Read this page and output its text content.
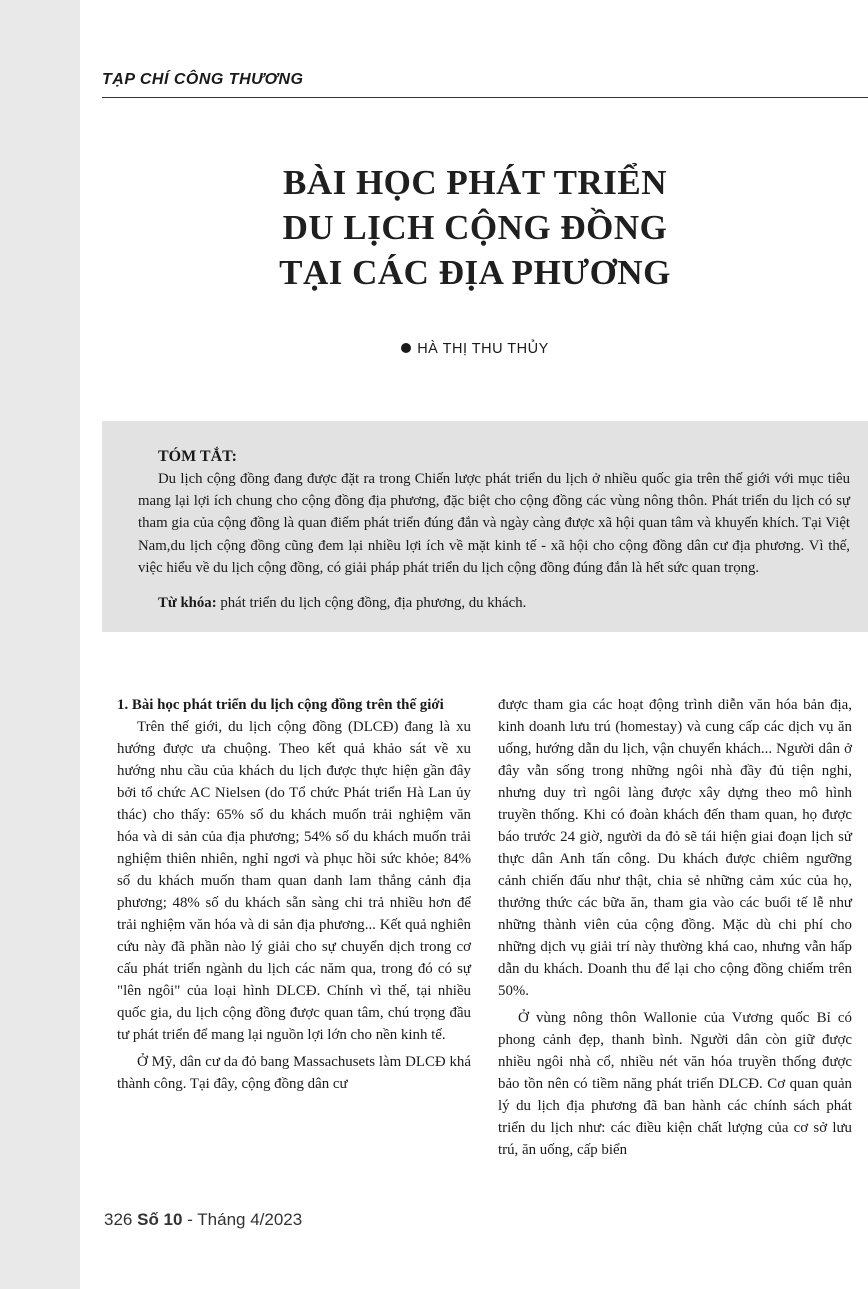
TẠP CHÍ CÔNG THƯƠNG
BÀI HỌC PHÁT TRIỂN
DU LỊCH CỘNG ĐỒNG
TẠI CÁC ĐỊA PHƯƠNG
HÀ THỊ THU THỦY
TÓM TẮT:

Du lịch cộng đồng đang được đặt ra trong Chiến lược phát triển du lịch ở nhiều quốc gia trên thế giới với mục tiêu mang lại lợi ích chung cho cộng đồng địa phương, đặc biệt cho cộng đồng các vùng nông thôn. Phát triển du lịch có sự tham gia của cộng đồng là quan điểm phát triển đúng đắn và ngày càng được xã hội quan tâm và khuyến khích. Tại Việt Nam,du lịch cộng đồng cũng đem lại nhiều lợi ích về mặt kinh tế - xã hội cho cộng đồng dân cư địa phương. Vì thế, việc hiểu về du lịch cộng đồng, có giải pháp phát triển du lịch cộng đồng đúng đắn là hết sức quan trọng.

Từ khóa: phát triển du lịch cộng đồng, địa phương, du khách.

1. Bài học phát triển du lịch cộng đồng trên thế giới

Trên thế giới, du lịch cộng đồng (DLCĐ) đang là xu hướng được ưa chuộng. Theo kết quả khảo sát về xu hướng nhu cầu của khách du lịch được thực hiện gần đây bởi tổ chức AC Nielsen (do Tổ chức Phát triển Hà Lan ủy thác) cho thấy: 65% số du khách muốn trải nghiệm văn hóa và di sản của địa phương; 54% số du khách muốn trải nghiệm thiên nhiên, nghỉ ngơi và phục hồi sức khỏe; 84% số du khách muốn tham quan danh lam thắng cảnh địa phương; 48% số du khách sẵn sàng chi trả nhiều hơn để trải nghiệm văn hóa và di sản địa phương... Kết quả nghiên cứu này đã phần nào lý giải cho sự chuyển dịch trong cơ cấu phát triển ngành du lịch các năm qua, trong đó có sự "lên ngôi" của loại hình DLCĐ. Chính vì thế, tại nhiều quốc gia, du lịch cộng đồng được quan tâm, chú trọng đầu tư phát triển để mang lại nguồn lợi lớn cho nền kinh tế.

Ở Mỹ, dân cư da đỏ bang Massachusets làm DLCĐ khá thành công. Tại đây, cộng đồng dân cư

được tham gia các hoạt động trình diễn văn hóa bản địa, kinh doanh lưu trú (homestay) và cung cấp các dịch vụ ăn uống, hướng dẫn du lịch, vận chuyển khách... Người dân ở đây vẫn sống trong những ngôi nhà đầy đủ tiện nghi, nhưng duy trì ngôi làng được xây dựng theo mô hình truyền thống. Khi có đoàn khách đến tham quan, họ được báo trước 24 giờ, người da đỏ sẽ tái hiện giai đoạn lịch sử thực dân Anh tấn công. Du khách được chiêm ngưỡng cảnh chiến đấu như thật, chia sẻ những cảm xúc của họ, thưởng thức các bữa ăn, tham gia vào các buổi tế lễ như những thành viên của cộng đồng. Mặc dù chi phí cho những dịch vụ giải trí này thường khá cao, nhưng vẫn hấp dẫn du khách. Doanh thu để lại cho cộng đồng chiếm trên 50%.

Ở vùng nông thôn Wallonie của Vương quốc Bỉ có phong cảnh đẹp, thanh bình. Người dân còn giữ được nhiều ngôi nhà cổ, nhiều nét văn hóa truyền thống được bảo tồn nên có tiềm năng phát triển DLCĐ. Cơ quan quản lý du lịch địa phương đã ban hành các chính sách phát triển du lịch như: các điều kiện chất lượng của cơ sở lưu trú, ăn uống, cấp biển

326 Số 10 - Tháng 4/2023
